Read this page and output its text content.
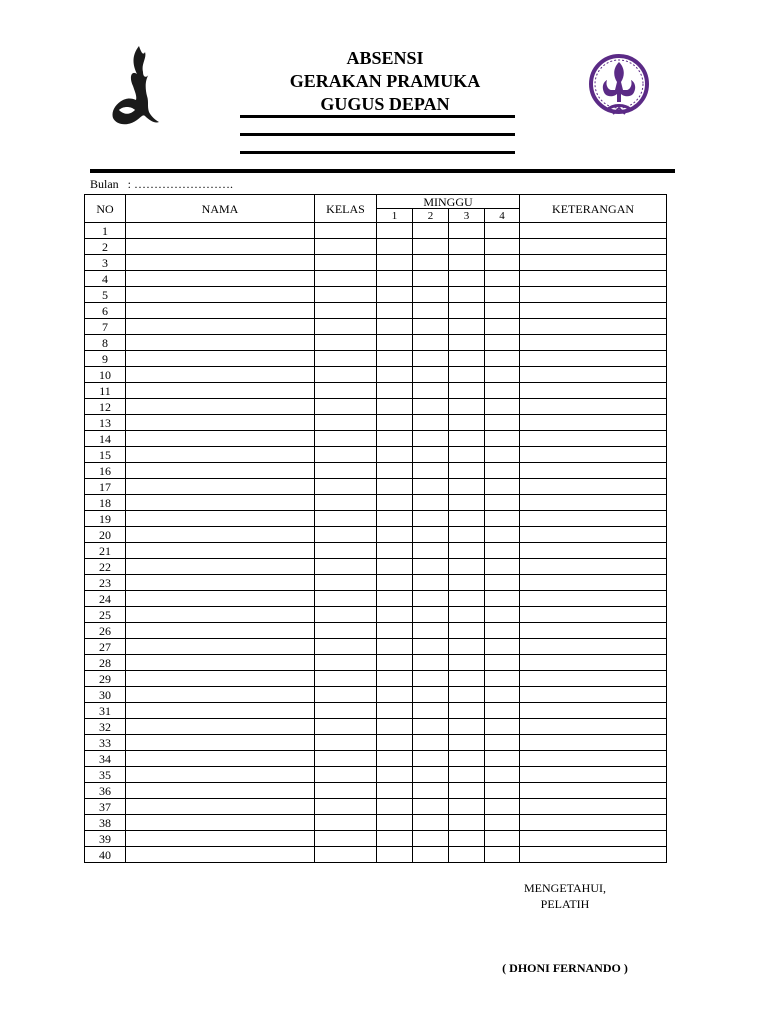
ABSENSI
GERAKAN PRAMUKA
GUGUS DEPAN
Bulan : …………………….
NO	NAMA	KELAS	MINGGU				KETERANGAN
			1	2	3	4	
1							
2							
3							
4							
5							
6							
7							
8							
9							
10							
11							
12							
13							
14							
15							
16							
17							
18							
19							
20							
21							
22							
23							
24							
25							
26							
27							
28							
29							
30							
31							
32							
33							
34							
35							
36							
37							
38							
39							
40							
MENGETAHUI,
PELATIH
( DHONI FERNANDO )
